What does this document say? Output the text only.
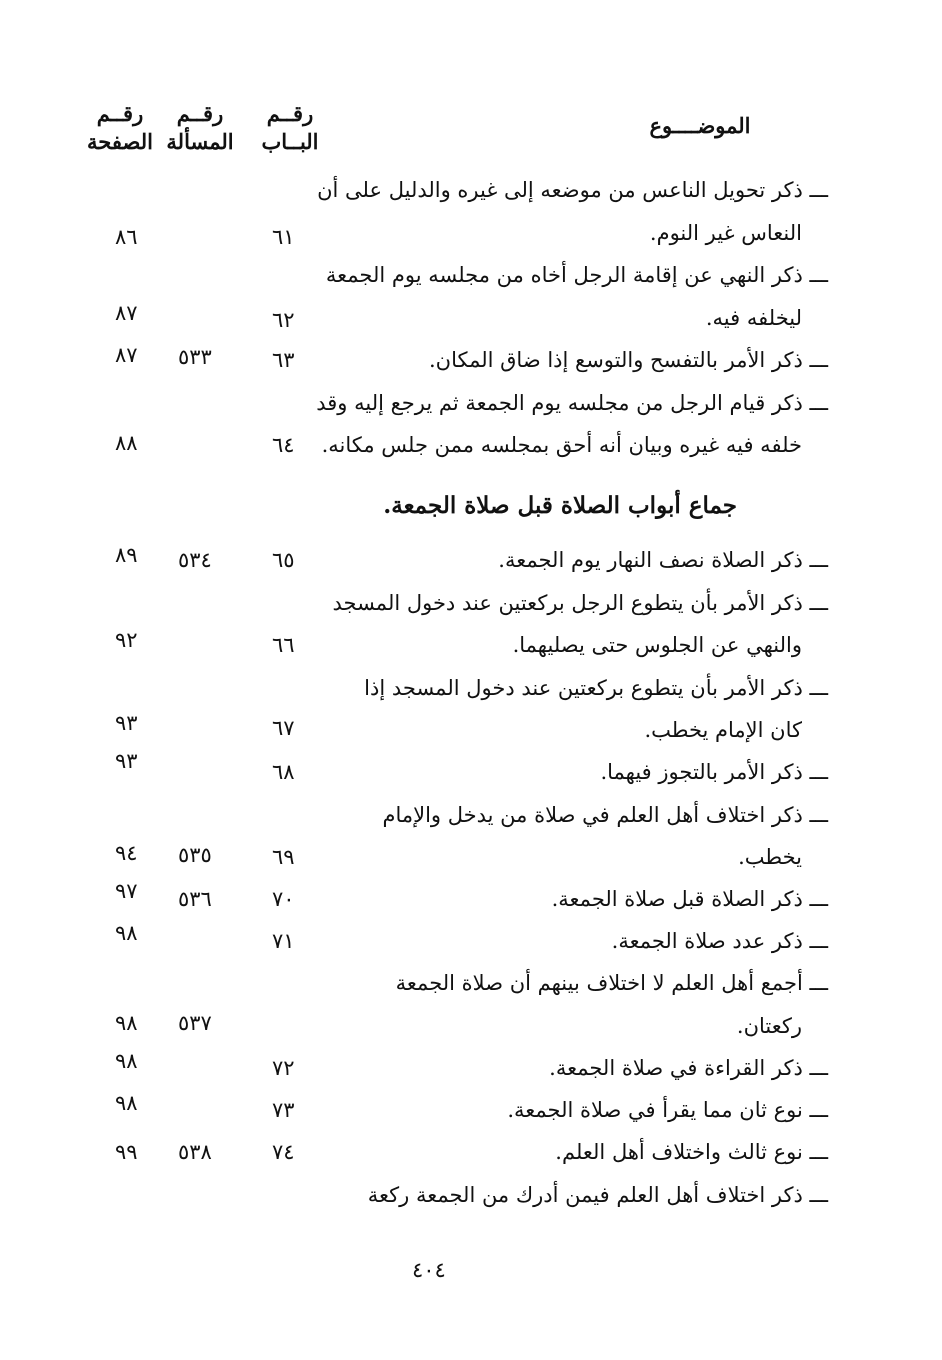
الموضــــوع
رقــم
البــاب
رقــم
المسألة
رقــم
الصفحة
ـــ ذكر تحويل الناعس من موضعه إلى غيره والدليل على أن
النعاس غير النوم.
ـــ ذكر النهي عن إقامة الرجل أخاه من مجلسه يوم الجمعة
ليخلفه فيه.
ـــ ذكر الأمر بالتفسح والتوسع إذا ضاق المكان.
ـــ ذكر قيام الرجل من مجلسه يوم الجمعة ثم يرجع إليه وقد
خلفه فيه غيره وبيان أنه أحق بمجلسه ممن جلس مكانه.
جماع أبواب الصلاة قبل صلاة الجمعة.
ـــ ذكر الصلاة نصف النهار يوم الجمعة.
ـــ ذكر الأمر بأن يتطوع الرجل بركعتين عند دخول المسجد
والنهي عن الجلوس حتى يصليهما.
ـــ ذكر الأمر بأن يتطوع بركعتين عند دخول المسجد إذا
كان الإمام يخطب.
ـــ ذكر الأمر بالتجوز فيهما.
ـــ ذكر اختلاف أهل العلم في صلاة من يدخل والإمام
يخطب.
ـــ ذكر الصلاة قبل صلاة الجمعة.
ـــ ذكر عدد صلاة الجمعة.
ـــ أجمع أهل العلم لا اختلاف بينهم أن صلاة الجمعة
ركعتان.
ـــ ذكر القراءة في صلاة الجمعة.
ـــ نوع ثان مما يقرأ في صلاة الجمعة.
ـــ نوع ثالث واختلاف أهل العلم.
ـــ ذكر اختلاف أهل العلم فيمن أدرك من الجمعة ركعة
٦١
٦٢
٦٣
٦٤
٦٥
٦٦
٦٧
٦٨
٦٩
٧٠
٧١
٧٢
٧٣
٧٤
٥٣٣
٥٣٤
٥٣٥
٥٣٦
٥٣٧
٥٣٨
٨٦
٨٧
٨٧
٨٨
٨٩
٩٢
٩٣
٩٣
٩٤
٩٧
٩٨
٩٨
٩٨
٩٨
٩٩
٤٠٤
